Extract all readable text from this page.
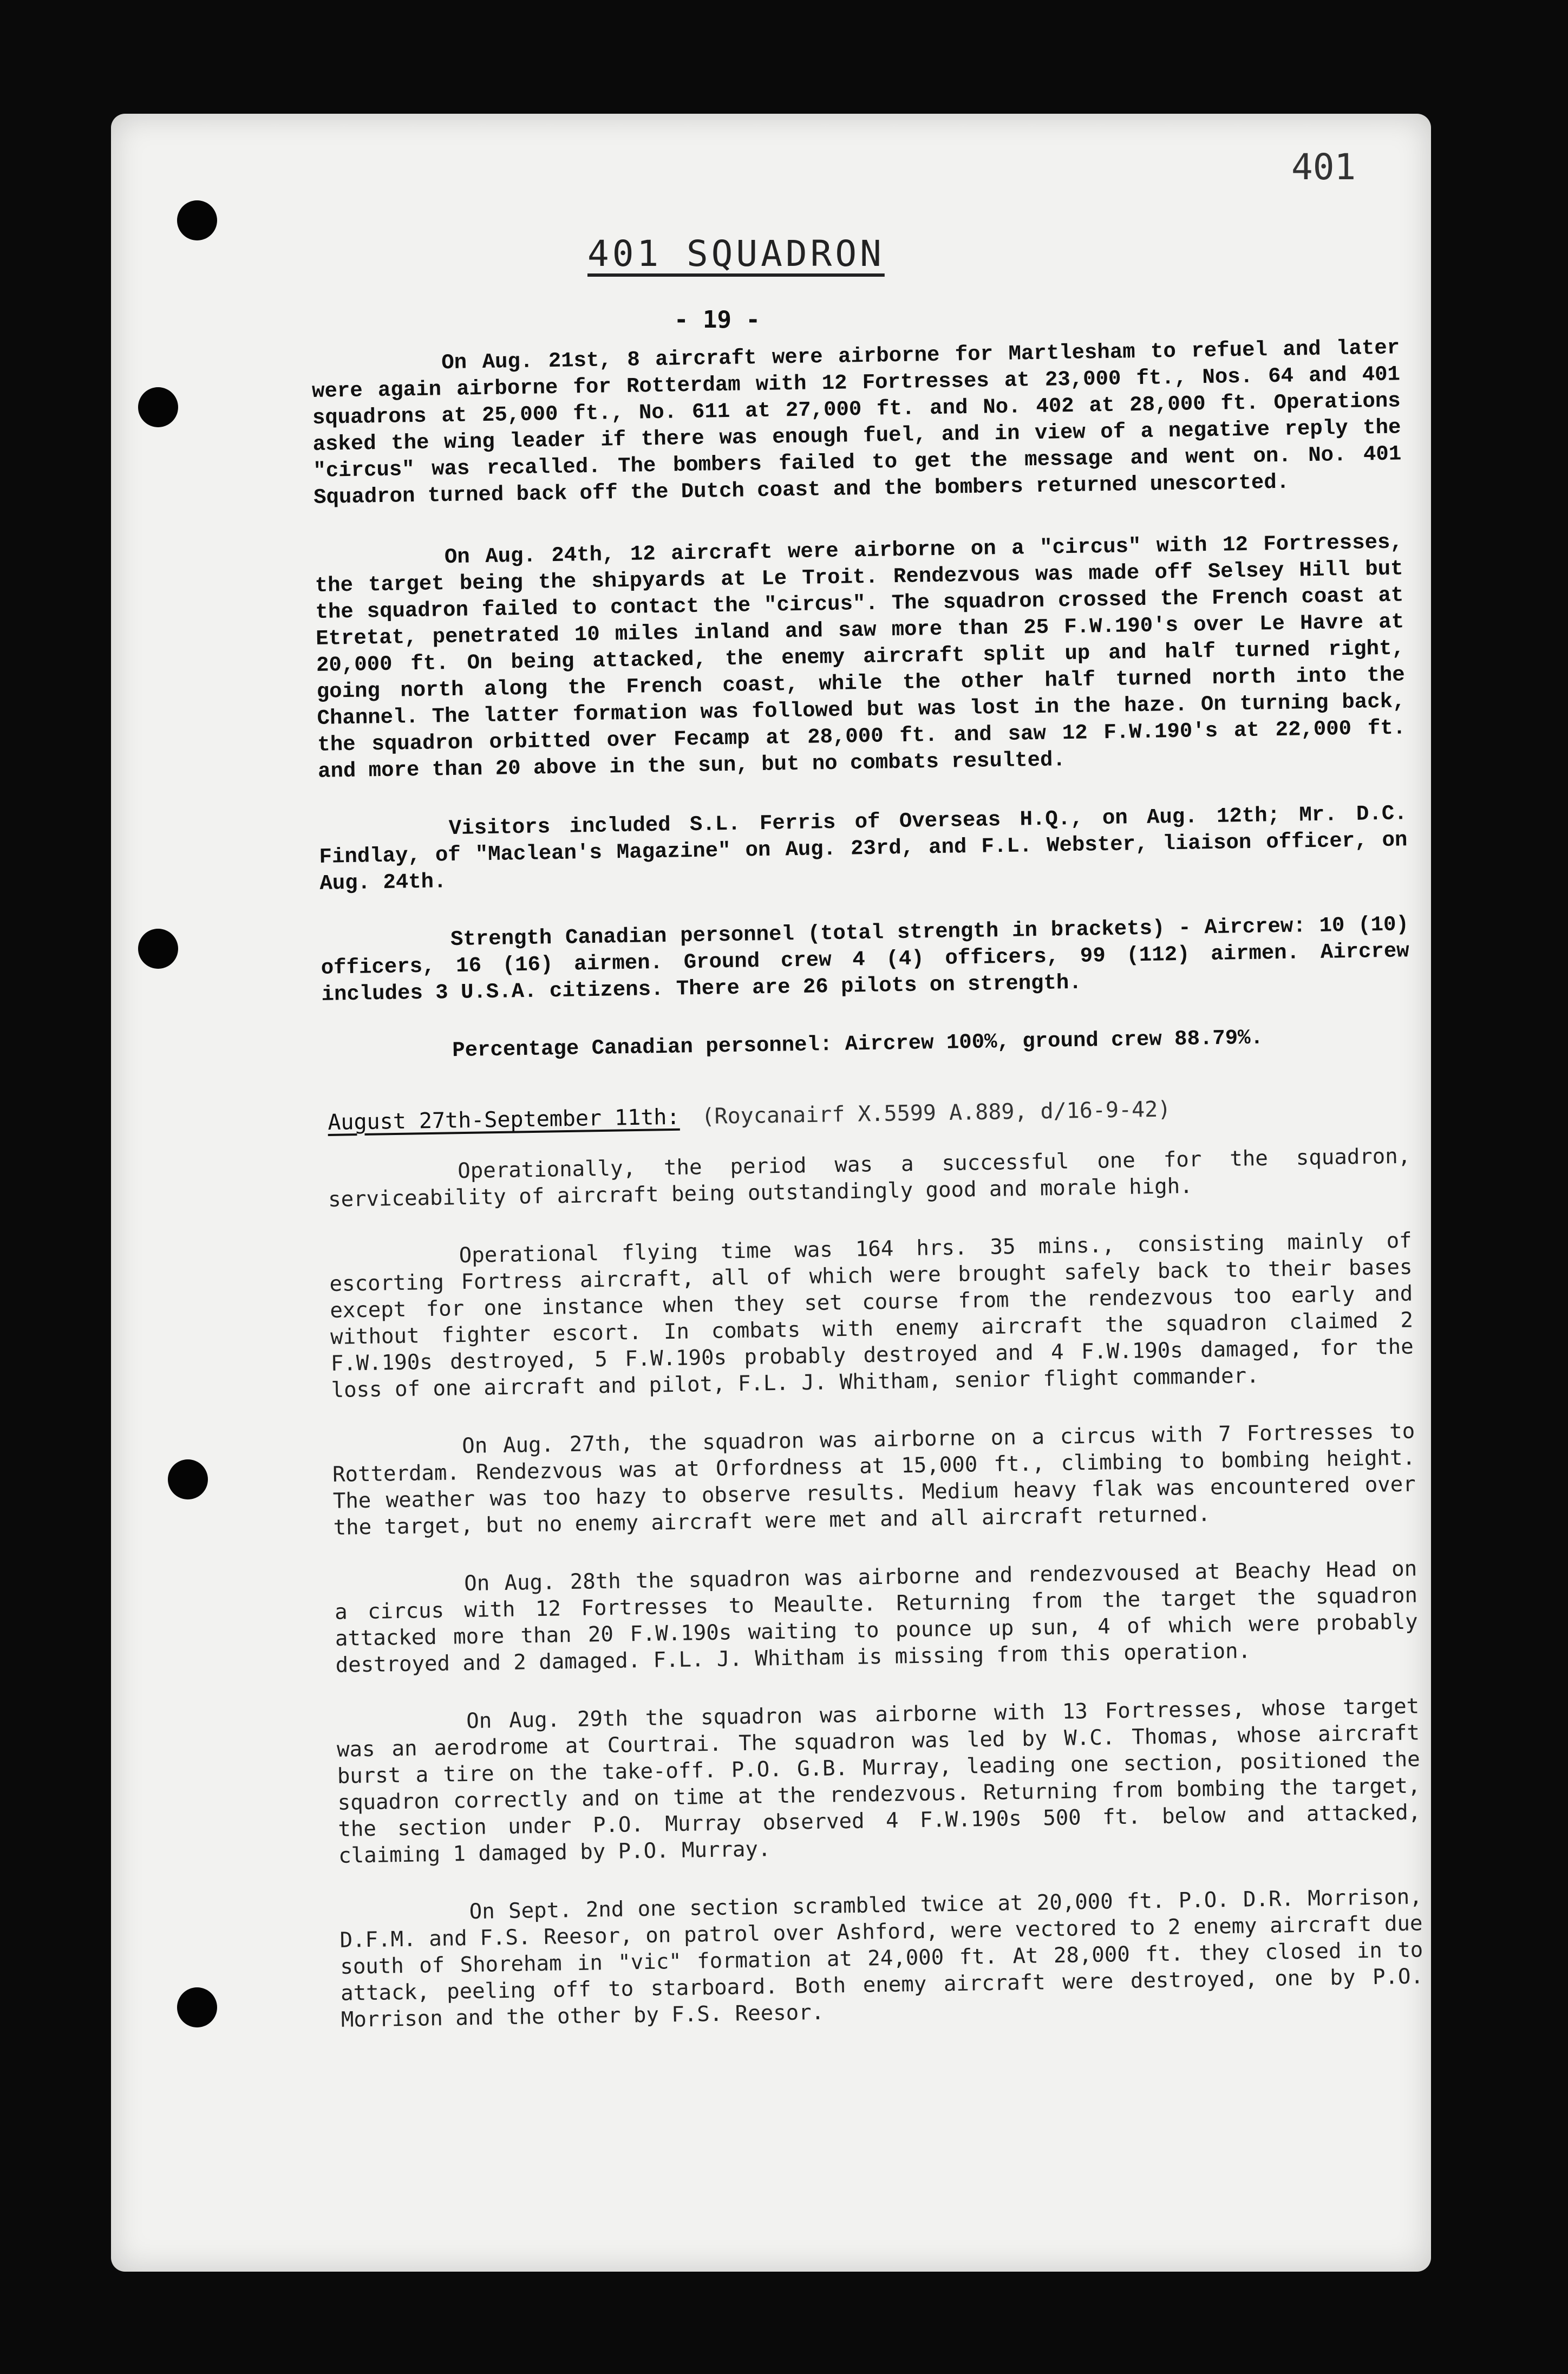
401
401 SQUADRON
- 19 -

On Aug. 21st, 8 aircraft were airborne for Martlesham to refuel and later were again airborne for Rotterdam with 12 Fortresses at 23,000 ft., Nos. 64 and 401 squadrons at 25,000 ft., No. 611 at 27,000 ft. and No. 402 at 28,000 ft. Operations asked the wing leader if there was enough fuel, and in view of a negative reply the "circus" was recalled. The bombers failed to get the message and went on. No. 401 Squadron turned back off the Dutch coast and the bombers returned unescorted.

On Aug. 24th, 12 aircraft were airborne on a "circus" with 12 Fortresses, the target being the shipyards at Le Troit. Rendezvous was made off Selsey Hill but the squadron failed to contact the "circus". The squadron crossed the French coast at Etretat, penetrated 10 miles inland and saw more than 25 F.W.190's over Le Havre at 20,000 ft. On being attacked, the enemy aircraft split up and half turned right, going north along the French coast, while the other half turned north into the Channel. The latter formation was followed but was lost in the haze. On turning back, the squadron orbitted over Fecamp at 28,000 ft. and saw 12 F.W.190's at 22,000 ft. and more than 20 above in the sun, but no combats resulted.

Visitors included S.L. Ferris of Overseas H.Q., on Aug. 12th; Mr. D.C. Findlay, of "Maclean's Magazine" on Aug. 23rd, and F.L. Webster, liaison officer, on Aug. 24th.

Strength Canadian personnel (total strength in brackets) - Aircrew: 10 (10) officers, 16 (16) airmen. Ground crew 4 (4) officers, 99 (112) airmen. Aircrew includes 3 U.S.A. citizens. There are 26 pilots on strength.

Percentage Canadian personnel: Aircrew 100%, ground crew 88.79%.

August 27th-September 11th: (Roycanairf X.5599 A.889, d/16-9-42)

Operationally, the period was a successful one for the squadron, serviceability of aircraft being outstandingly good and morale high.

Operational flying time was 164 hrs. 35 mins., consisting mainly of escorting Fortress aircraft, all of which were brought safely back to their bases except for one instance when they set course from the rendezvous too early and without fighter escort. In combats with enemy aircraft the squadron claimed 2 F.W.190s destroyed, 5 F.W.190s probably destroyed and 4 F.W.190s damaged, for the loss of one aircraft and pilot, F.L. J. Whitham, senior flight commander.

On Aug. 27th, the squadron was airborne on a circus with 7 Fortresses to Rotterdam. Rendezvous was at Orfordness at 15,000 ft., climbing to bombing height. The weather was too hazy to observe results. Medium heavy flak was encountered over the target, but no enemy aircraft were met and all aircraft returned.

On Aug. 28th the squadron was airborne and rendezvoused at Beachy Head on a circus with 12 Fortresses to Meaulte. Returning from the target the squadron attacked more than 20 F.W.190s waiting to pounce up sun, 4 of which were probably destroyed and 2 damaged. F.L. J. Whitham is missing from this operation.

On Aug. 29th the squadron was airborne with 13 Fortresses, whose target was an aerodrome at Courtrai. The squadron was led by W.C. Thomas, whose aircraft burst a tire on the take-off. P.O. G.B. Murray, leading one section, positioned the squadron correctly and on time at the rendezvous. Returning from bombing the target, the section under P.O. Murray observed 4 F.W.190s 500 ft. below and attacked, claiming 1 damaged by P.O. Murray.

On Sept. 2nd one section scrambled twice at 20,000 ft. P.O. D.R. Morrison, D.F.M. and F.S. Reesor, on patrol over Ashford, were vectored to 2 enemy aircraft due south of Shoreham in "vic" formation at 24,000 ft. At 28,000 ft. they closed in to attack, peeling off to starboard. Both enemy aircraft were destroyed, one by P.O. Morrison and the other by F.S. Reesor.
